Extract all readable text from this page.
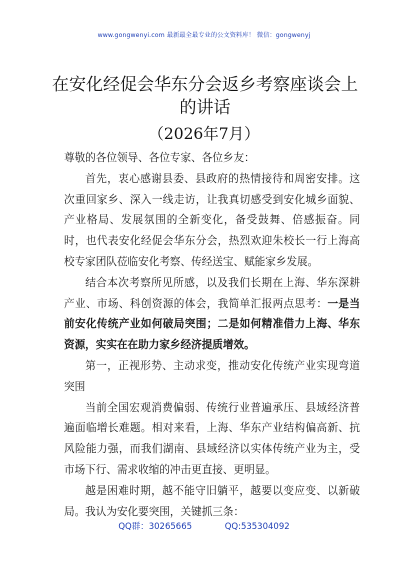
www.gongwenyi.com 最新最全最专业的公文资料库！ 微信：gongwenyj
在安化经促会华东分会返乡考察座谈会上的讲话
（2026年7月）

尊敬的各位领导、各位专家、各位乡友：

首先，衷心感谢县委、县政府的热情接待和周密安排。这次重回家乡、深入一线走访，让我真切感受到安化城乡面貌、产业格局、发展氛围的全新变化，备受鼓舞、倍感振奋。同时，也代表安化经促会华东分会，热烈欢迎朱校长一行上海高校专家团队莅临安化考察、传经送宝、赋能家乡发展。

结合本次考察所见所感，以及我们长期在上海、华东深耕产业、市场、科创资源的体会，我简单汇报两点思考：一是当前安化传统产业如何破局突围；二是如何精准借力上海、华东资源，实实在在助力家乡经济提质增效。

第一，正视形势、主动求变，推动安化传统产业实现弯道突围

当前全国宏观消费偏弱、传统行业普遍承压、县域经济普遍面临增长难题。相对来看，上海、华东产业结构偏高新、抗风险能力强，而我们湖南、县域经济以实体传统产业为主，受市场下行、需求收缩的冲击更直接、更明显。

越是困难时期，越不能守旧躺平，越要以变应变、以新破局。我认为安化要突围，关键抓三条：

QQ群：30265665	QQ:535304092
